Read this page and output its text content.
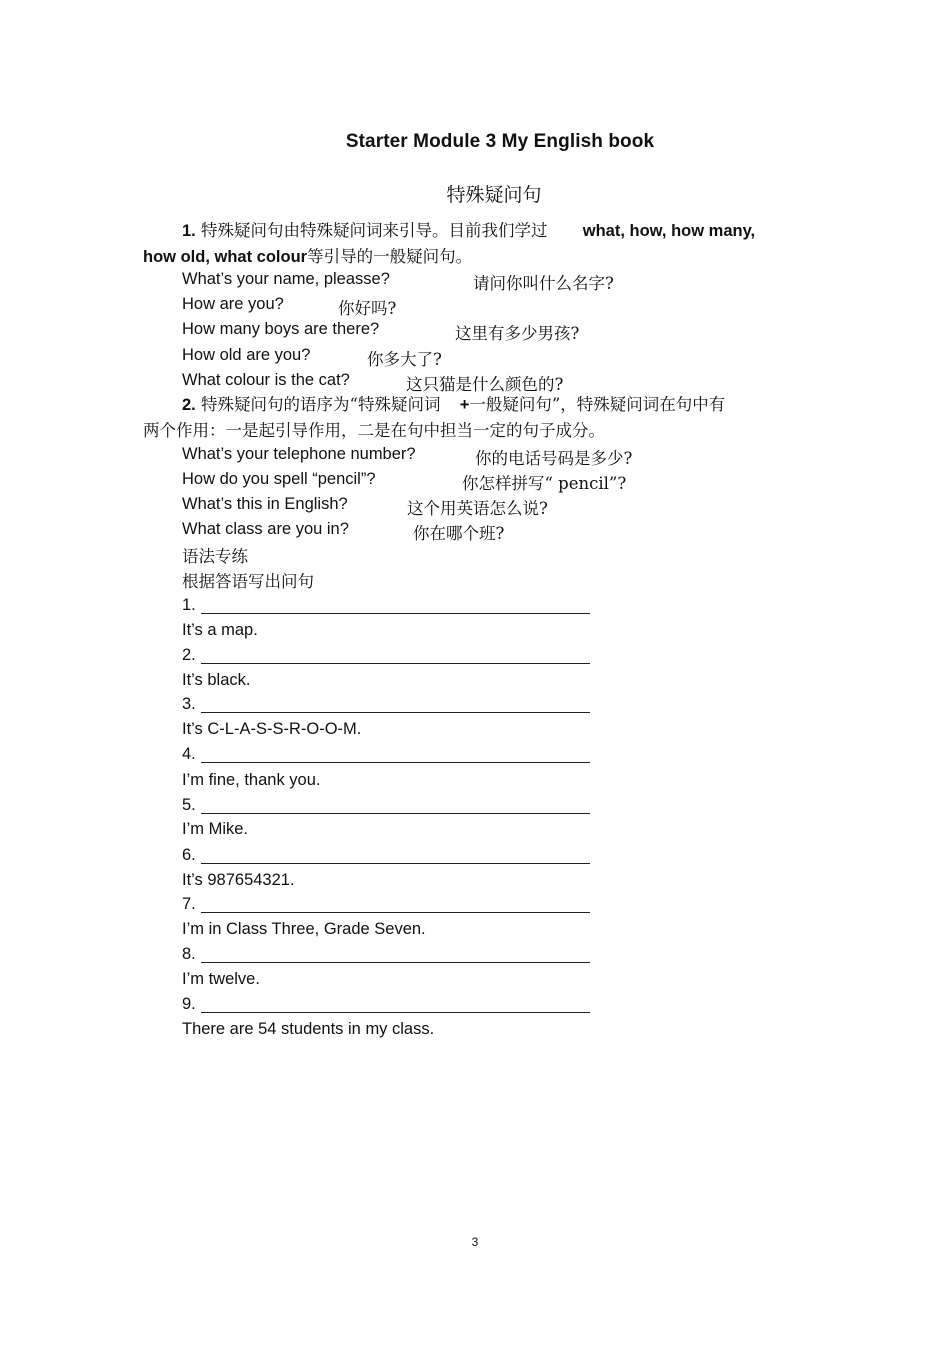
Starter Module 3 My English book
特殊疑问句
1. 特殊疑问句由特殊疑问词来引导。目前我们学过 what, how, how many,
how old, what colour等引导的一般疑问句。
What’s your name, pleasse?	请问你叫什么名字?
How are you?	你好吗?
How many boys are there?	这里有多少男孩?
How old are you?	你多大了?
What colour is the cat?	这只猫是什么颜色的?
2. 特殊疑问句的语序为“特殊疑问词 +一般疑问句”，特殊疑问词在句中有
两个作用：一是起引导作用，二是在句中担当一定的句子成分。
What’s your telephone number?	你的电话号码是多少?
How do you spell “pencil”?	你怎样拼写“ pencil”?
What’s this in English?	这个用英语怎么说?
What class are you in?	你在哪个班?
语法专练
根据答语写出问句
1.
It’s a map.
2.
It’s black.
3.
It’s C-L-A-S-S-R-O-O-M.
4.
I’m fine, thank you.
5.
I’m Mike.
6.
It’s 987654321.
7.
I’m in Class Three, Grade Seven.
8.
I’m twelve.
9.
There are 54 students in my class.
3
